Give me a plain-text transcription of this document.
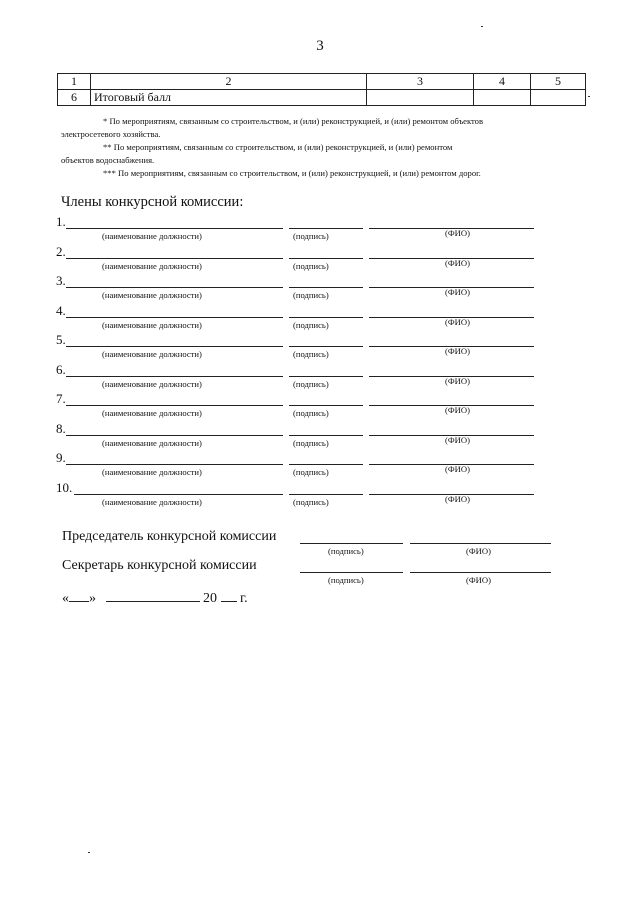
3
1	2	3	4	5
6	Итоговый балл			
* По мероприятиям, связанным со строительством, и (или) реконструкцией, и (или) ремонтом объектов
электросетевого хозяйства.
** По мероприятиям, связанным со строительством, и (или) реконструкцией, и (или) ремонтом
объектов водоснабжения.
*** По мероприятиям, связанным со строительством, и (или) реконструкцией, и (или) ремонтом дорог.
Члены конкурсной комиссии:
1.
(наименование должности)	(подпись)	(ФИО)
2.
(наименование должности)	(подпись)	(ФИО)
3.
(наименование должности)	(подпись)	(ФИО)
4.
(наименование должности)	(подпись)	(ФИО)
5.
(наименование должности)	(подпись)	(ФИО)
6.
(наименование должности)	(подпись)	(ФИО)
7.
(наименование должности)	(подпись)	(ФИО)
8.
(наименование должности)	(подпись)	(ФИО)
9.
(наименование должности)	(подпись)	(ФИО)
10.
(наименование должности)	(подпись)	(ФИО)
Председатель конкурсной комиссии
(подпись)	(ФИО)
Секретарь конкурсной комиссии
(подпись)	(ФИО)
« »	20 г.
